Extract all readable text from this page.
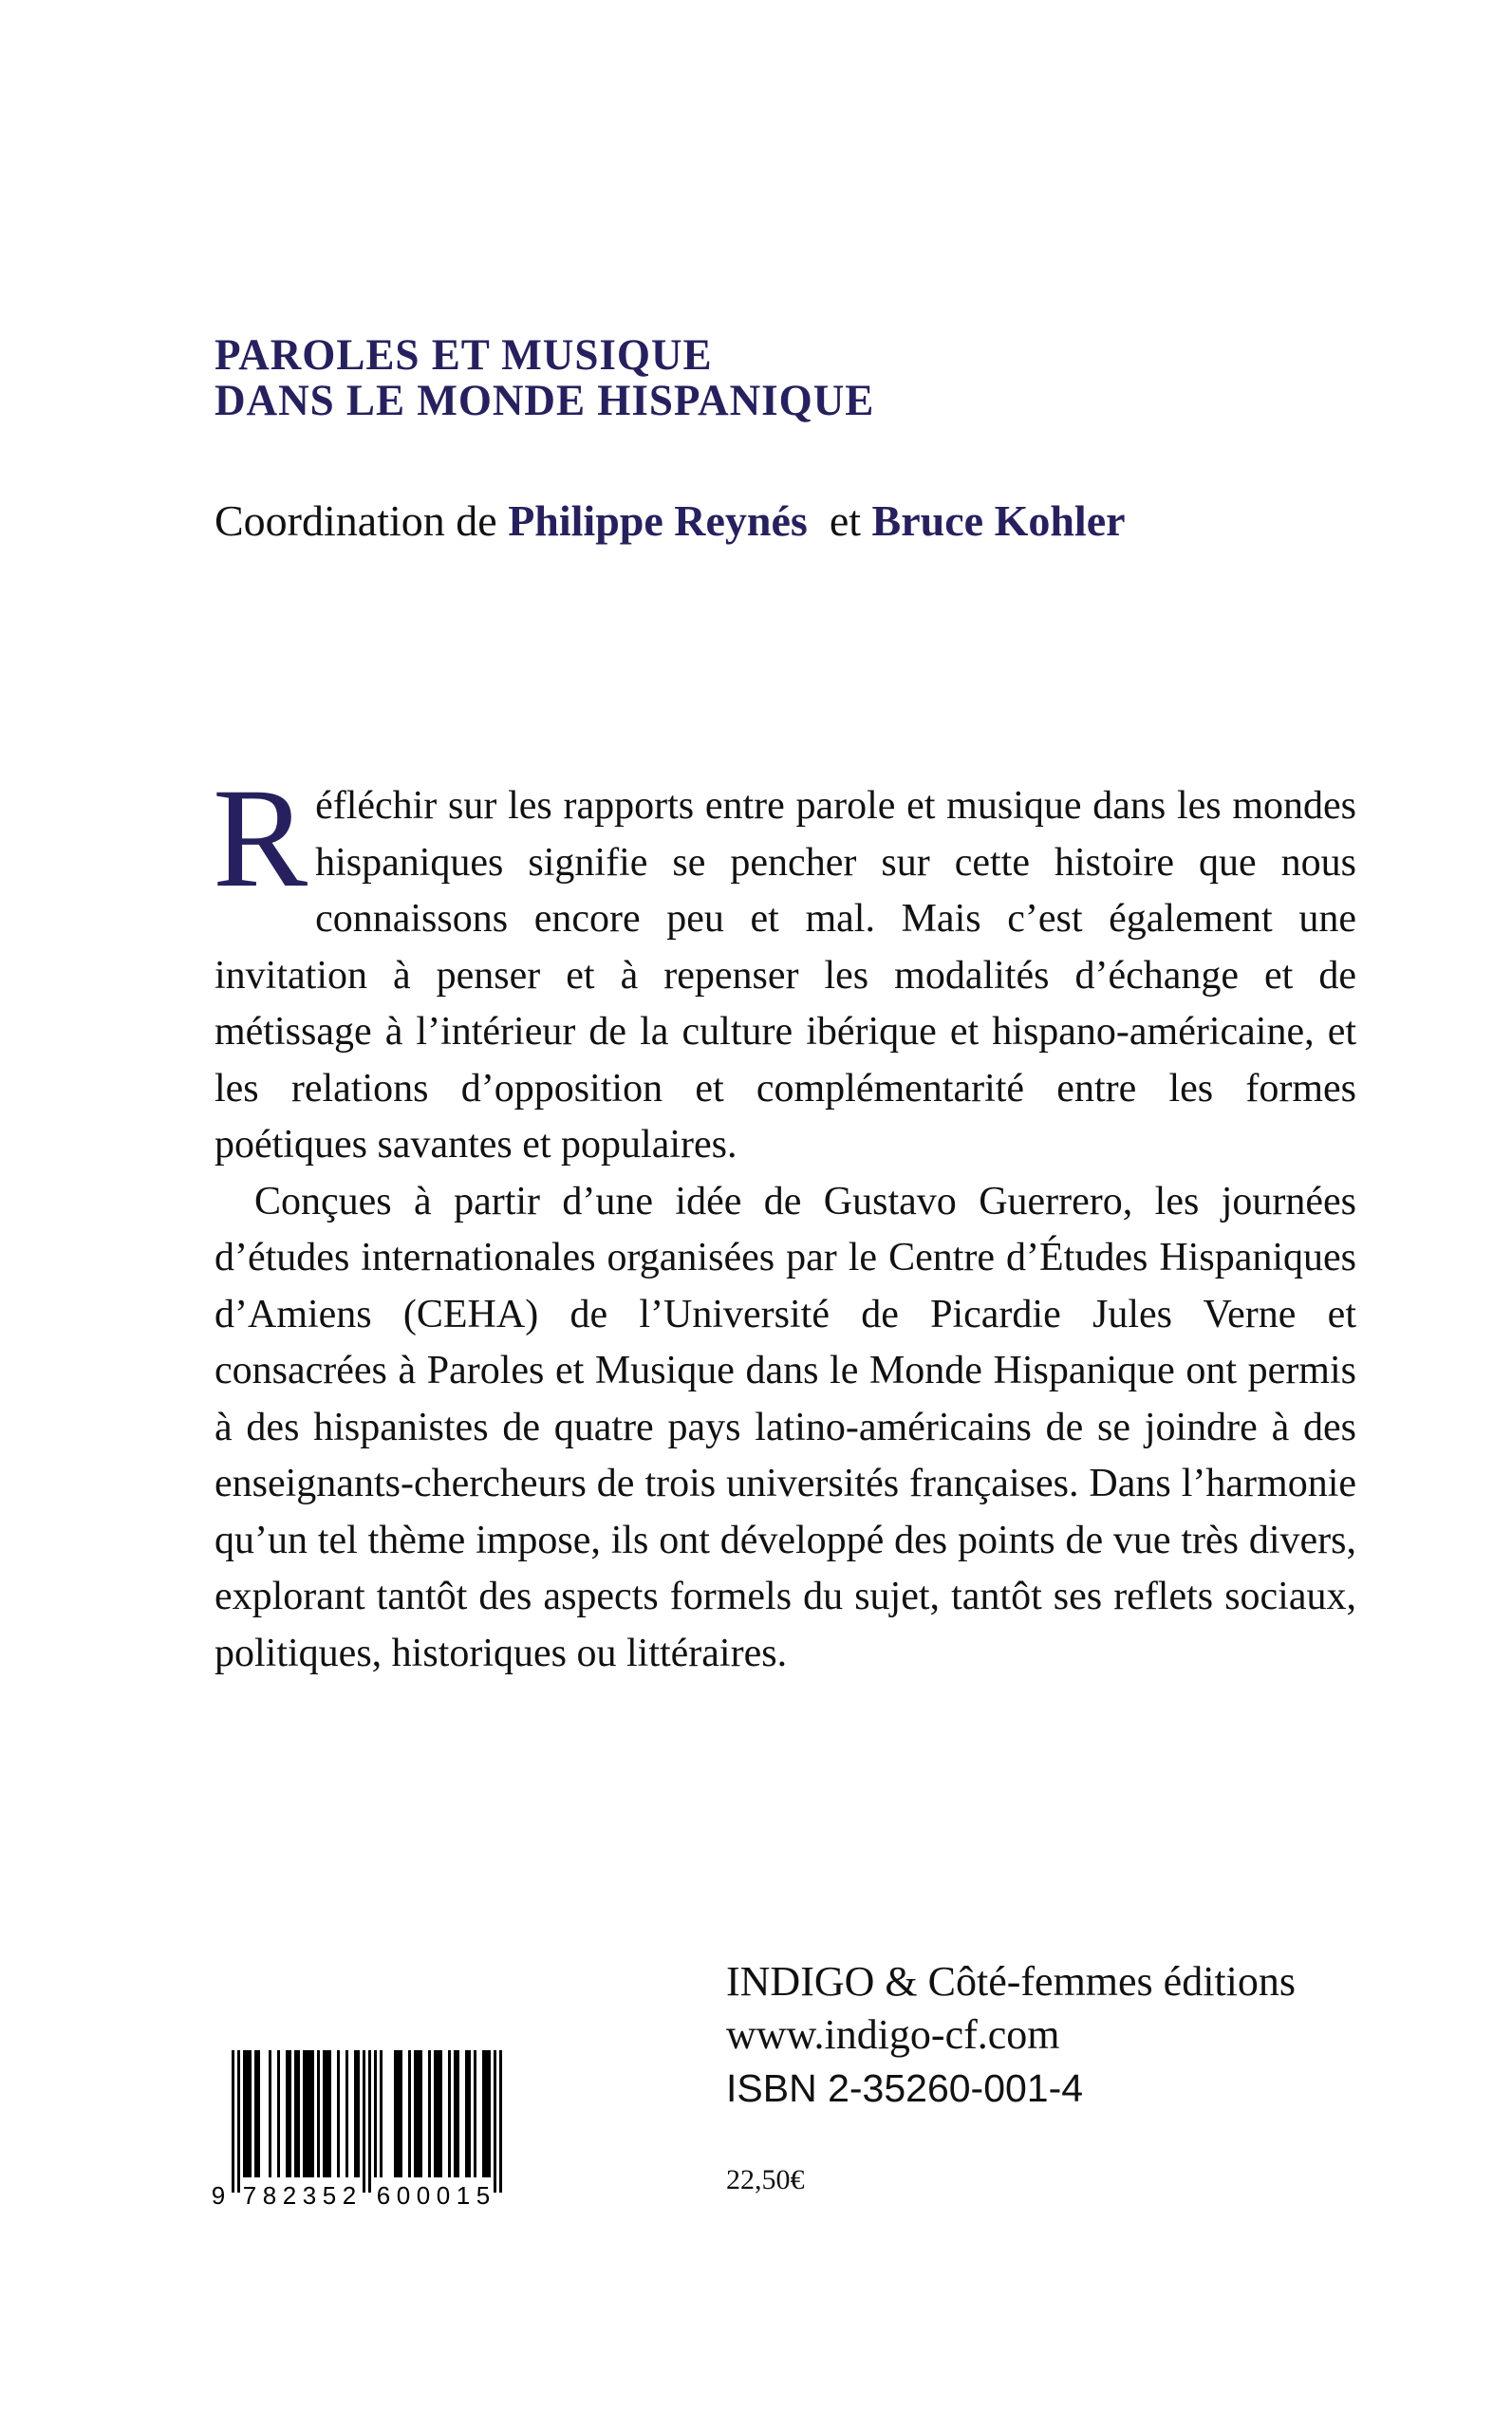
PAROLES ET MUSIQUE
DANS LE MONDE HISPANIQUE
Coordination de Philippe Reynés et Bruce Kohler

Réfléchir sur les rapports entre parole et musique dans les mondes hispaniques signifie se pencher sur cette histoire que nous connaissons encore peu et mal. Mais c’est également une invitation à penser et à repenser les modalités d’échange et de métissage à l’intérieur de la culture ibérique et hispano-américaine, et les relations d’opposition et complémentarité entre les formes poétiques savantes et populaires.

Conçues à partir d’une idée de Gustavo Guerrero, les journées d’études internationales organisées par le Centre d’Études Hispaniques d’Amiens (CEHA) de l’Université de Picardie Jules Verne et consacrées à Paroles et Musique dans le Monde Hispanique ont permis à des hispanistes de quatre pays latino-américains de se joindre à des enseignants-chercheurs de trois universités françaises. Dans l’harmonie qu’un tel thème impose, ils ont développé des points de vue très divers, explorant tantôt des aspects formels du sujet, tantôt ses reflets sociaux, politiques, historiques ou littéraires.

INDIGO & Côté-femmes éditions
www.indigo-cf.com
ISBN 2-35260-001-4
22,50€
9 7 8 2 3 5 2 6 0 0 0 1 5
